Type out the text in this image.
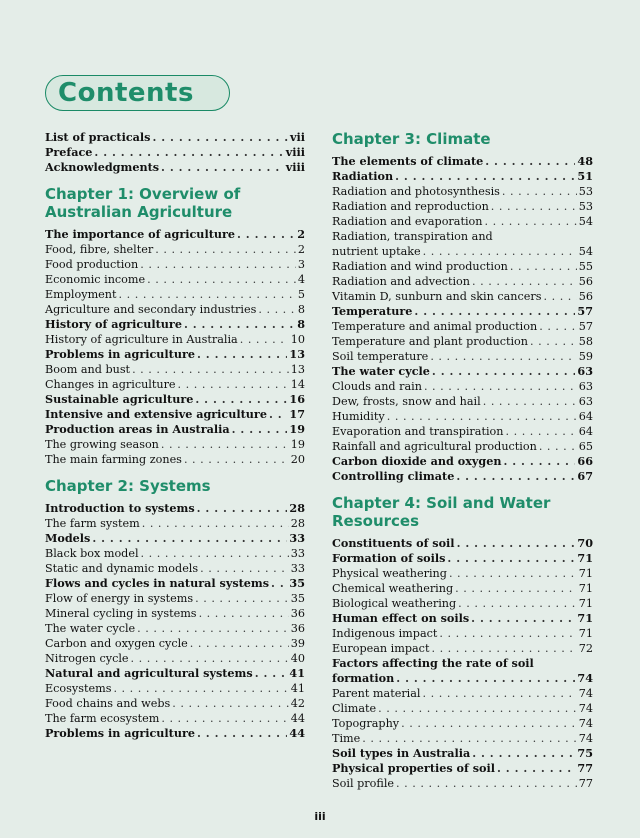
Contents
List of practicals . . .	vii
Preface . . .	viii
Acknowledgments . . .	viii
Chapter 1: Overview of Australian Agriculture
The importance of agriculture . . .	2
Food, fibre, shelter . . .	2
Food production . . .	3
Economic income . . .	4
Employment . . .	5
Agriculture and secondary industries . . .	8
History of agriculture . . .	8
History of agriculture in Australia . . .	10
Problems in agriculture . . .	13
Boom and bust . . .	13
Changes in agriculture . . .	14
Sustainable agriculture . . .	16
Intensive and extensive agriculture . . . 17
Production areas in Australia . . .	19
The growing season . . .	19
The main farming zones . . .	20
Chapter 2: Systems
Introduction to systems . . .	28
The farm system . . .	28
Models . . .	33
Black box model . . .	33
Static and dynamic models . . .	33
Flows and cycles in natural systems . . . 35
Flow of energy in systems . . .	35
Mineral cycling in systems . . .	36
The water cycle . . .	36
Carbon and oxygen cycle . . .	39
Nitrogen cycle . . .	40
Natural and agricultural systems . . .	41
Ecosystems . . .	41
Food chains and webs . . .	42
The farm ecosystem . . .	44
Problems in agriculture . . .	44
Chapter 3: Climate
The elements of climate . . .	48
Radiation . . .	51
Radiation and photosynthesis . . .	53
Radiation and reproduction . . .	53
Radiation and evaporation . . .	54
Radiation, transpiration and
nutrient uptake . . .	54
Radiation and wind production . . .	55
Radiation and advection . . .	56
Vitamin D, sunburn and skin cancers . . .	56
Temperature . . .	57
Temperature and animal production . . .	57
Temperature and plant production . . .	58
Soil temperature . . .	59
The water cycle . . .	63
Clouds and rain . . .	63
Dew, frosts, snow and hail . . .	63
Humidity . . .	64
Evaporation and transpiration . . .	64
Rainfall and agricultural production . . .	65
Carbon dioxide and oxygen . . .	66
Controlling climate . . .	67
Chapter 4: Soil and Water Resources
Constituents of soil . . .	70
Formation of soils . . .	71
Physical weathering . . .	71
Chemical weathering . . .	71
Biological weathering . . .	71
Human effect on soils . . .	71
Indigenous impact . . .	71
European impact . . .	72
Factors affecting the rate of soil
formation . . .	74
Parent material . . .	74
Climate . . .	74
Topography . . .	74
Time . . .	74
Soil types in Australia . . .	75
Physical properties of soil . . .	77
Soil profile . . .	77
iii
